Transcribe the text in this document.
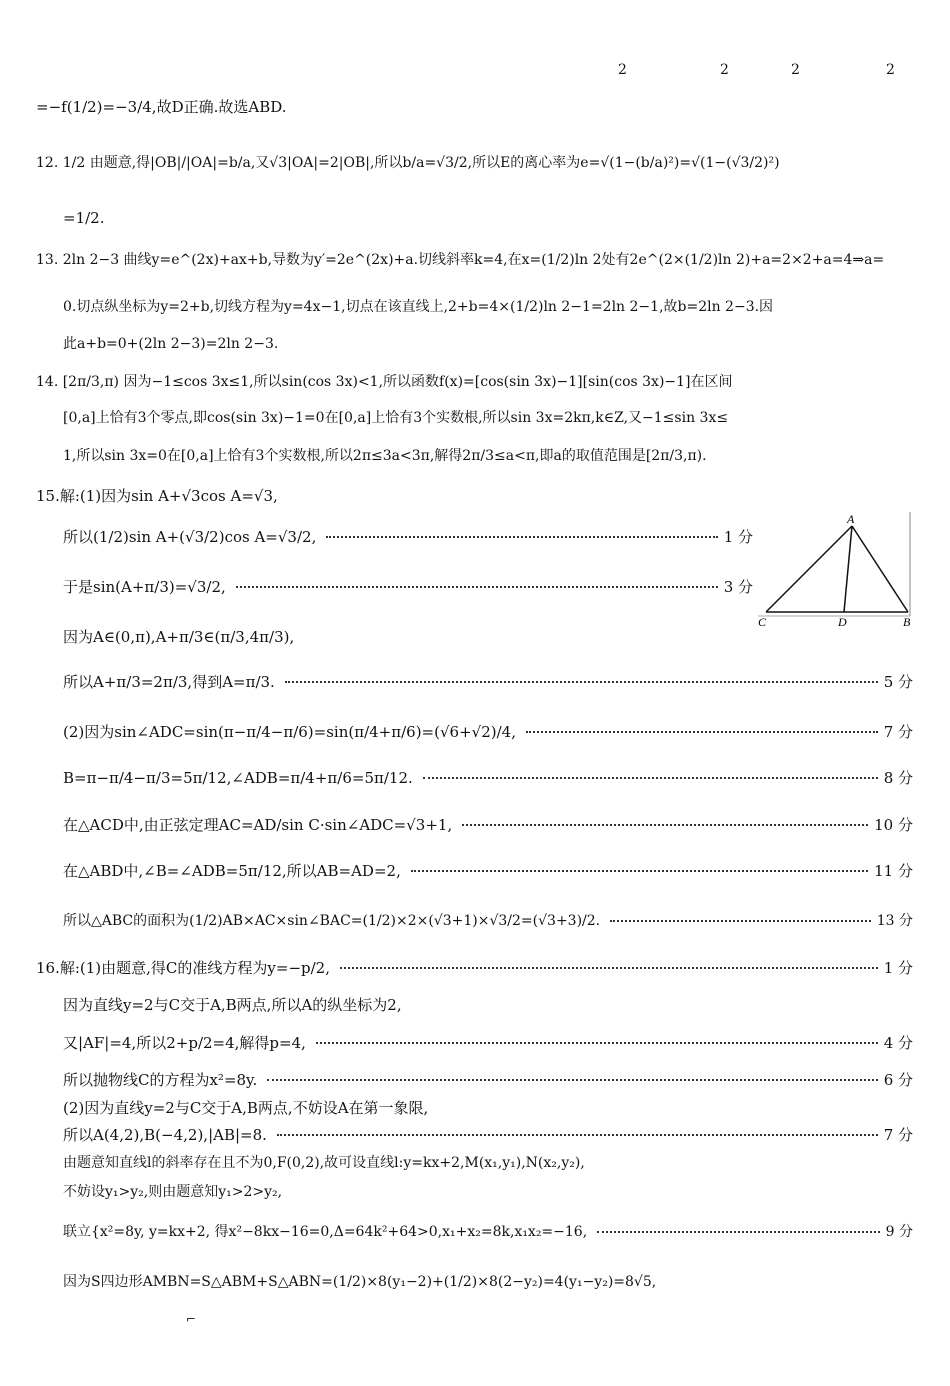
2	2	2	2
=−f(1/2)=−3/4,故D正确.故选ABD.
12. 1/2 由题意,得|OB|/|OA|=b/a,又√3|OA|=2|OB|,所以b/a=√3/2,所以E的离心率为e=√(1−(b/a)²)=√(1−(√3/2)²)
=1/2.
13. 2ln 2−3 曲线y=e^(2x)+ax+b,导数为y′=2e^(2x)+a.切线斜率k=4,在x=(1/2)ln 2处有2e^(2×(1/2)ln 2)+a=2×2+a=4⇒a=
0.切点纵坐标为y=2+b,切线方程为y=4x−1,切点在该直线上,2+b=4×(1/2)ln 2−1=2ln 2−1,故b=2ln 2−3.因
此a+b=0+(2ln 2−3)=2ln 2−3.
14. [2π/3,π) 因为−1≤cos 3x≤1,所以sin(cos 3x)<1,所以函数f(x)=[cos(sin 3x)−1][sin(cos 3x)−1]在区间
[0,a]上恰有3个零点,即cos(sin 3x)−1=0在[0,a]上恰有3个实数根,所以sin 3x=2kπ,k∈Z,又−1≤sin 3x≤
1,所以sin 3x=0在[0,a]上恰有3个实数根,所以2π≤3a<3π,解得2π/3≤a<π,即a的取值范围是[2π/3,π).
15.解:(1)因为sin A+√3cos A=√3,
所以(1/2)sin A+(√3/2)cos A=√3/2,	1 分
于是sin(A+π/3)=√3/2,	3 分
因为A∈(0,π),A+π/3∈(π/3,4π/3),
所以A+π/3=2π/3,得到A=π/3.	5 分
(2)因为sin∠ADC=sin(π−π/4−π/6)=sin(π/4+π/6)=(√6+√2)/4,	7 分
B=π−π/4−π/3=5π/12,∠ADB=π/4+π/6=5π/12.	8 分
在△ACD中,由正弦定理AC=AD/sin C·sin∠ADC=√3+1,	10 分
在△ABD中,∠B=∠ADB=5π/12,所以AB=AD=2,	11 分
所以△ABC的面积为(1/2)AB×AC×sin∠BAC=(1/2)×2×(√3+1)×√3/2=(√3+3)/2.	13 分
16.解:(1)由题意,得C的准线方程为y=−p/2,	1 分
因为直线y=2与C交于A,B两点,所以A的纵坐标为2,
又|AF|=4,所以2+p/2=4,解得p=4,	4 分
所以抛物线C的方程为x²=8y.	6 分
(2)因为直线y=2与C交于A,B两点,不妨设A在第一象限,
所以A(4,2),B(−4,2),|AB|=8.	7 分
由题意知直线l的斜率存在且不为0,F(0,2),故可设直线l:y=kx+2,M(x₁,y₁),N(x₂,y₂),
不妨设y₁>y₂,则由题意知y₁>2>y₂,
联立{x²=8y, y=kx+2, 得x²−8kx−16=0,Δ=64k²+64>0,x₁+x₂=8k,x₁x₂=−16,	9 分
因为S四边形AMBN=S△ABM+S△ABN=(1/2)×8(y₁−2)+(1/2)×8(2−y₂)=4(y₁−y₂)=8√5,
⌐
A
C	D	B
